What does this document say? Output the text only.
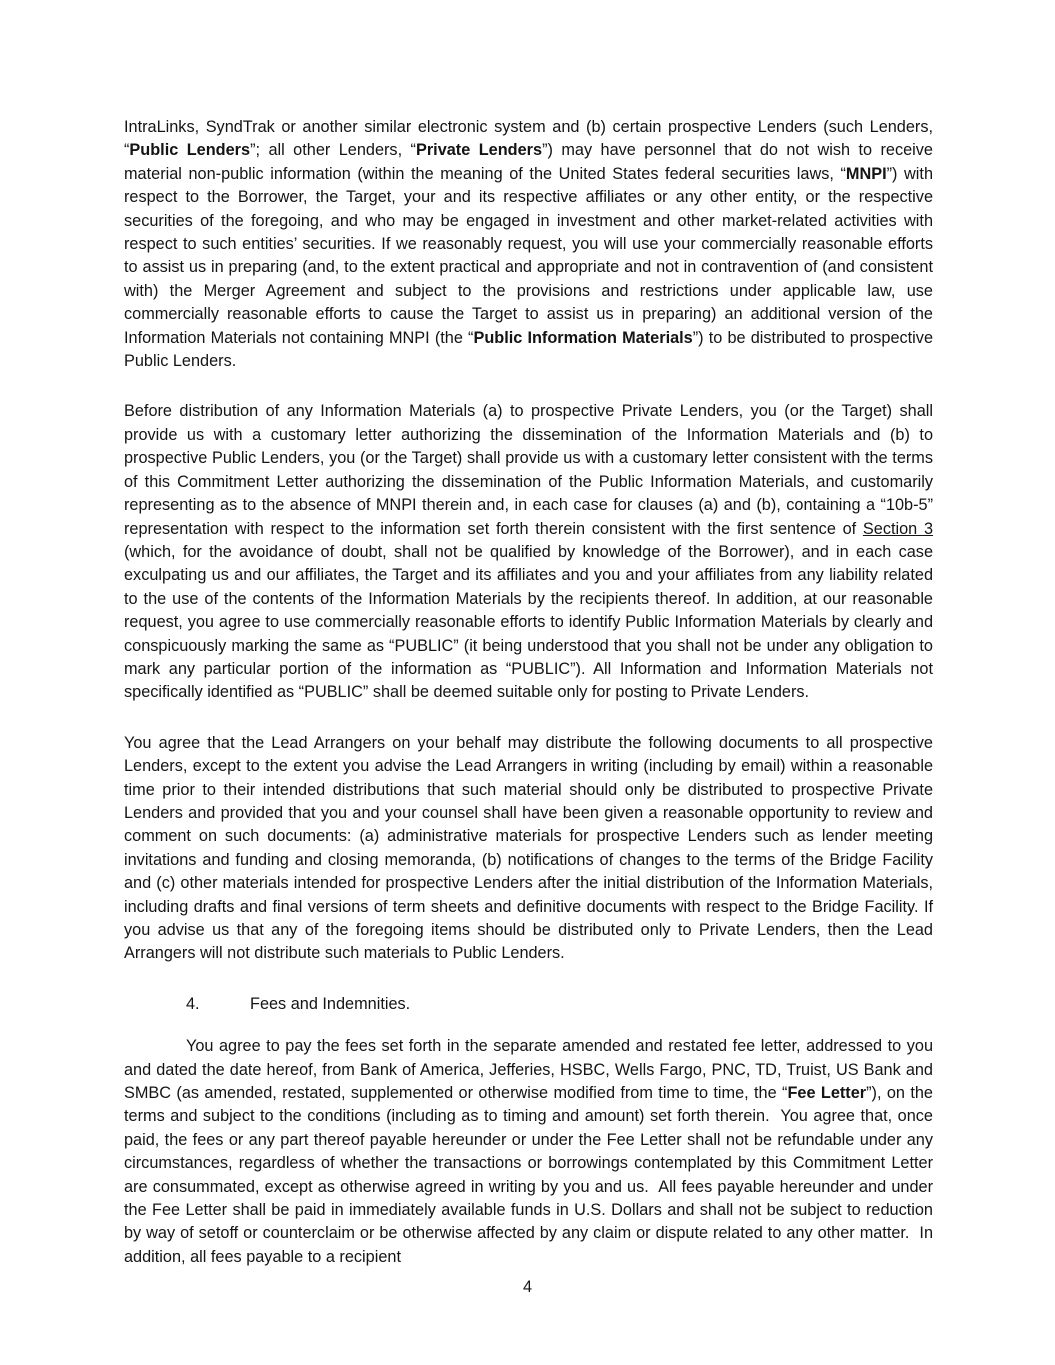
IntraLinks, SyndTrak or another similar electronic system and (b) certain prospective Lenders (such Lenders, “Public Lenders”; all other Lenders, “Private Lenders”) may have personnel that do not wish to receive material non-public information (within the meaning of the United States federal securities laws, “MNPI”) with respect to the Borrower, the Target, your and its respective affiliates or any other entity, or the respective securities of the foregoing, and who may be engaged in investment and other market-related activities with respect to such entities’ securities. If we reasonably request, you will use your commercially reasonable efforts to assist us in preparing (and, to the extent practical and appropriate and not in contravention of (and consistent with) the Merger Agreement and subject to the provisions and restrictions under applicable law, use commercially reasonable efforts to cause the Target to assist us in preparing) an additional version of the Information Materials not containing MNPI (the “Public Information Materials”) to be distributed to prospective Public Lenders.

Before distribution of any Information Materials (a) to prospective Private Lenders, you (or the Target) shall provide us with a customary letter authorizing the dissemination of the Information Materials and (b) to prospective Public Lenders, you (or the Target) shall provide us with a customary letter consistent with the terms of this Commitment Letter authorizing the dissemination of the Public Information Materials, and customarily representing as to the absence of MNPI therein and, in each case for clauses (a) and (b), containing a “10b-5” representation with respect to the information set forth therein consistent with the first sentence of Section 3 (which, for the avoidance of doubt, shall not be qualified by knowledge of the Borrower), and in each case exculpating us and our affiliates, the Target and its affiliates and you and your affiliates from any liability related to the use of the contents of the Information Materials by the recipients thereof. In addition, at our reasonable request, you agree to use commercially reasonable efforts to identify Public Information Materials by clearly and conspicuously marking the same as “PUBLIC” (it being understood that you shall not be under any obligation to mark any particular portion of the information as “PUBLIC”). All Information and Information Materials not specifically identified as “PUBLIC” shall be deemed suitable only for posting to Private Lenders.

You agree that the Lead Arrangers on your behalf may distribute the following documents to all prospective Lenders, except to the extent you advise the Lead Arrangers in writing (including by email) within a reasonable time prior to their intended distributions that such material should only be distributed to prospective Private Lenders and provided that you and your counsel shall have been given a reasonable opportunity to review and comment on such documents: (a) administrative materials for prospective Lenders such as lender meeting invitations and funding and closing memoranda, (b) notifications of changes to the terms of the Bridge Facility and (c) other materials intended for prospective Lenders after the initial distribution of the Information Materials, including drafts and final versions of term sheets and definitive documents with respect to the Bridge Facility. If you advise us that any of the foregoing items should be distributed only to Private Lenders, then the Lead Arrangers will not distribute such materials to Public Lenders.

4.	Fees and Indemnities.

You agree to pay the fees set forth in the separate amended and restated fee letter, addressed to you and dated the date hereof, from Bank of America, Jefferies, HSBC, Wells Fargo, PNC, TD, Truist, US Bank and SMBC (as amended, restated, supplemented or otherwise modified from time to time, the “Fee Letter”), on the terms and subject to the conditions (including as to timing and amount) set forth therein.  You agree that, once paid, the fees or any part thereof payable hereunder or under the Fee Letter shall not be refundable under any circumstances, regardless of whether the transactions or borrowings contemplated by this Commitment Letter are consummated, except as otherwise agreed in writing by you and us.  All fees payable hereunder and under the Fee Letter shall be paid in immediately available funds in U.S. Dollars and shall not be subject to reduction by way of setoff or counterclaim or be otherwise affected by any claim or dispute related to any other matter.  In addition, all fees payable to a recipient

4
